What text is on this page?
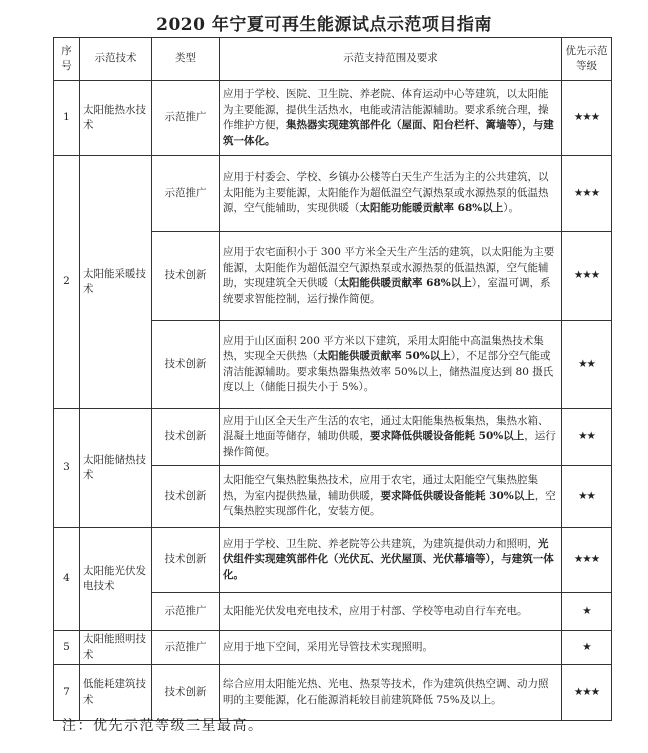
2020 年宁夏可再生能源试点示范项目指南
序号	示范技术	类型	示范支持范围及要求	优先示范等级
1	太阳能热水技术	示范推广	应用于学校、医院、卫生院、养老院、体育运动中心等建筑，以太阳能为主要能源，提供生活热水，电能或清洁能源辅助。要求系统合理，操作维护方便，集热器实现建筑部件化（屋面、阳台栏杆、篱墙等），与建筑一体化。	★★★
2	太阳能采暖技术	示范推广	应用于村委会、学校、乡镇办公楼等白天生产生活为主的公共建筑，以太阳能为主要能源，太阳能作为超低温空气源热泵或水源热泵的低温热源，空气能辅助，实现供暖（太阳能功能暖贡献率 68%以上）。	★★★
		技术创新	应用于农宅面积小于 300 平方米全天生产生活的建筑，以太阳能为主要能源，太阳能作为超低温空气源热泵或水源热泵的低温热源，空气能辅助，实现建筑全天供暖（太阳能供暖贡献率 68%以上），室温可调，系统要求智能控制，运行操作简便。	★★★
		技术创新	应用于山区面积 200 平方米以下建筑，采用太阳能中高温集热技术集热，实现全天供热（太阳能供暖贡献率 50%以上），不足部分空气能或清洁能源辅助。要求集热器集热效率 50%以上，储热温度达到 80 摄氏度以上（储能日损失小于 5%）。	★★
3	太阳能储热技术	技术创新	应用于山区全天生产生活的农宅，通过太阳能集热板集热，集热水箱、混凝土地面等储存，辅助供暖，要求降低供暖设备能耗 50%以上，运行操作简便。	★★
		技术创新	太阳能空气集热腔集热技术，应用于农宅，通过太阳能空气集热腔集热，为室内提供热量，辅助供暖，要求降低供暖设备能耗 30%以上，空气集热腔实现部件化，安装方便。	★★
4	太阳能光伏发电技术	技术创新	应用于学校、卫生院、养老院等公共建筑，为建筑提供动力和照明，光伏组件实现建筑部件化（光伏瓦、光伏屋顶、光伏幕墙等），与建筑一体化。	★★★
		示范推广	太阳能光伏发电充电技术，应用于村部、学校等电动自行车充电。	★
5	太阳能照明技术	示范推广	应用于地下空间，采用光导管技术实现照明。	★
7	低能耗建筑技术	技术创新	综合应用太阳能光热、光电、热泵等技术，作为建筑供热空调、动力照明的主要能源，化石能源消耗较目前建筑降低 75%及以上。	★★★
注：优先示范等级三星最高。
